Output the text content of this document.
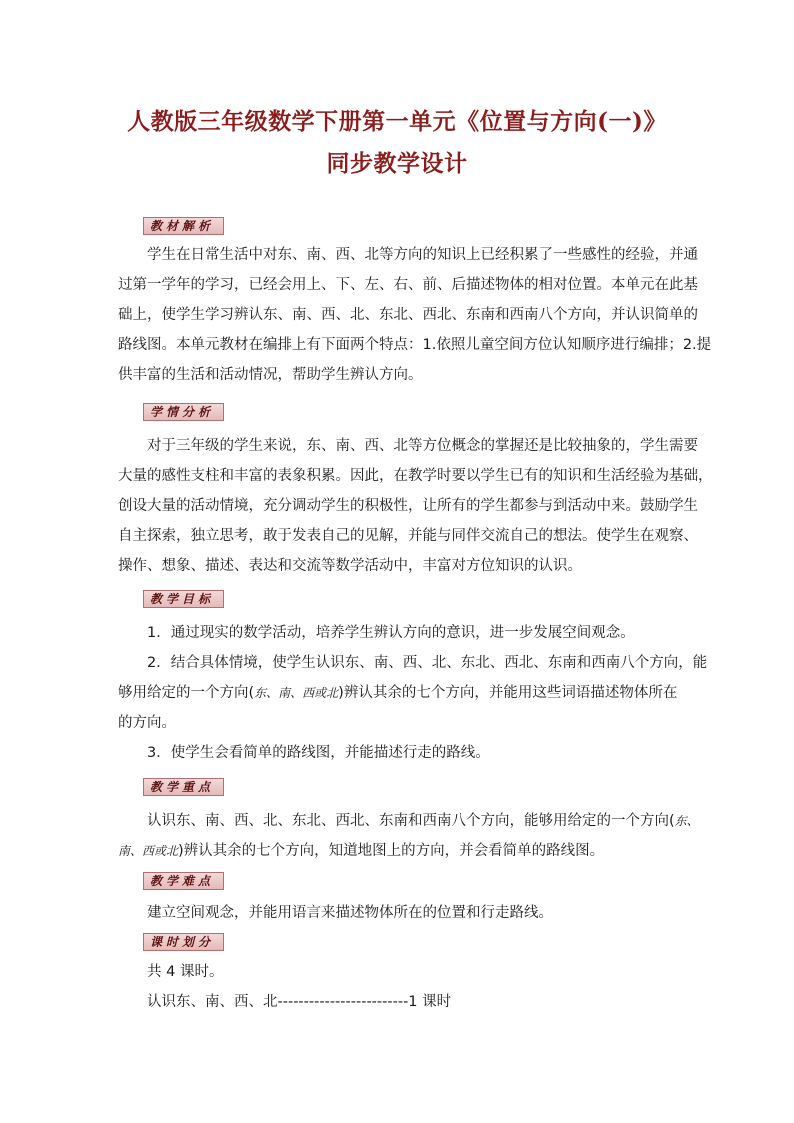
人教版三年级数学下册第一单元《位置与方向(一)》
同步教学设计
教材解析
学生在日常生活中对东、南、西、北等方向的知识上已经积累了一些感性的经验，并通
过第一学年的学习，已经会用上、下、左、右、前、后描述物体的相对位置。本单元在此基
础上，使学生学习辨认东、南、西、北、东北、西北、东南和西南八个方向，并认识简单的
路线图。本单元教材在编排上有下面两个特点：1.依照儿童空间方位认知顺序进行编排；2.提
供丰富的生活和活动情况，帮助学生辨认方向。
学情分析
对于三年级的学生来说，东、南、西、北等方位概念的掌握还是比较抽象的，学生需要
大量的感性支柱和丰富的表象积累。因此，在教学时要以学生已有的知识和生活经验为基础，
创设大量的活动情境，充分调动学生的积极性，让所有的学生都参与到活动中来。鼓励学生
自主探索，独立思考，敢于发表自己的见解，并能与同伴交流自己的想法。使学生在观察、
操作、想象、描述、表达和交流等数学活动中，丰富对方位知识的认识。
教学目标
1．通过现实的数学活动，培养学生辨认方向的意识，进一步发展空间观念。
2．结合具体情境，使学生认识东、南、西、北、东北、西北、东南和西南八个方向，能
够用给定的一个方向(东、南、西或北)辨认其余的七个方向，并能用这些词语描述物体所在
的方向。
3．使学生会看简单的路线图，并能描述行走的路线。
教学重点
认识东、南、西、北、东北、西北、东南和西南八个方向，能够用给定的一个方向(东、
南、西或北)辨认其余的七个方向，知道地图上的方向，并会看简单的路线图。
教学难点
建立空间观念，并能用语言来描述物体所在的位置和行走路线。
课时划分
共 4 课时。
认识东、南、西、北-------------------------1 课时
